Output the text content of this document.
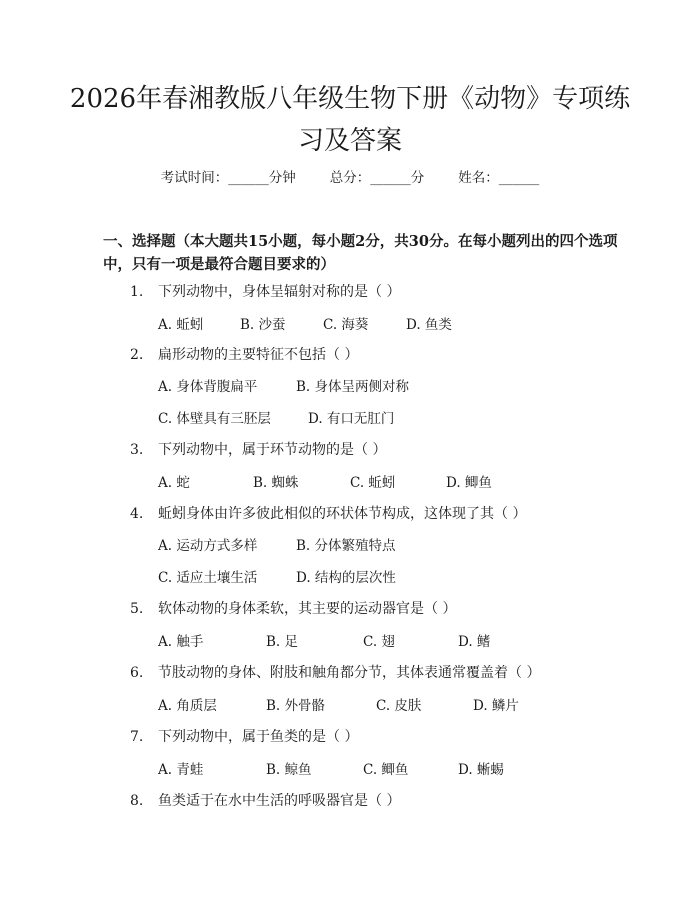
2026年春湘教版八年级生物下册《动物》专项练习及答案
考试时间：______分钟	总分：______分	姓名：______

一、选择题（本大题共15小题，每小题2分，共30分。在每小题列出的四个选项中，只有一项是最符合题目要求的）

1. 下列动物中，身体呈辐射对称的是（ ）
A. 蚯蚓	B. 沙蚕	C. 海葵	D. 鱼类
2. 扁形动物的主要特征不包括（ ）
A. 身体背腹扁平	B. 身体呈两侧对称
C. 体壁具有三胚层	D. 有口无肛门
3. 下列动物中，属于环节动物的是（ ）
A. 蛇	B. 蜘蛛	C. 蚯蚓	D. 鲫鱼
4. 蚯蚓身体由许多彼此相似的环状体节构成，这体现了其（ ）
A. 运动方式多样	B. 分体繁殖特点
C. 适应土壤生活	D. 结构的层次性
5. 软体动物的身体柔软，其主要的运动器官是（ ）
A. 触手	B. 足	C. 翅	D. 鳍
6. 节肢动物的身体、附肢和触角都分节，其体表通常覆盖着（ ）
A. 角质层	B. 外骨骼	C. 皮肤	D. 鳞片
7. 下列动物中，属于鱼类的是（ ）
A. 青蛙	B. 鲸鱼	C. 鲫鱼	D. 蜥蜴
8. 鱼类适于在水中生活的呼吸器官是（ ）
